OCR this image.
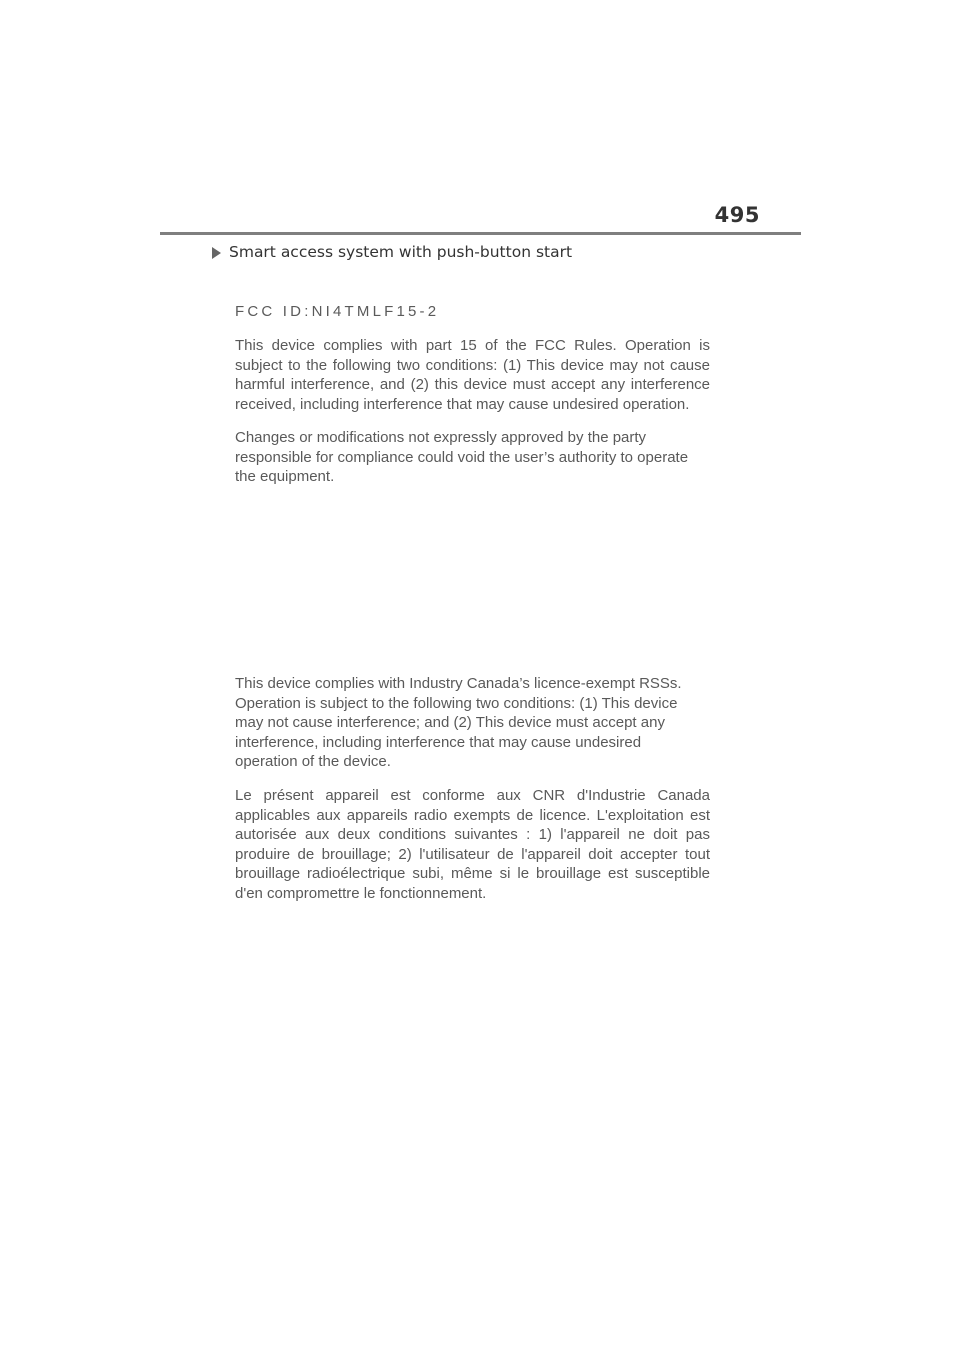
495
Smart access system with push-button start
FCC ID:NI4TMLF15-2
This device complies with part 15 of the FCC Rules. Operation is
subject to the following two conditions: (1) This device may not cause
harmful interference, and (2) this device must accept any interference
received, including interference that may cause undesired operation.
Changes or modifications not expressly approved by the party
responsible for compliance could void the user’s authority to operate
the equipment.
This device complies with Industry Canada’s licence-exempt RSSs.
Operation is subject to the following two conditions: (1) This device
may not cause interference; and (2) This device must accept any
interference, including interference that may cause undesired
operation of the device.
Le présent appareil est conforme aux CNR d'Industrie Canada
applicables aux appareils radio exempts de licence. L'exploitation est
autorisée aux deux conditions suivantes : 1) l'appareil ne doit pas
produire de brouillage; 2) l'utilisateur de l'appareil doit accepter tout
brouillage radioélectrique subi, même si le brouillage est susceptible
d'en compromettre le fonctionnement.
